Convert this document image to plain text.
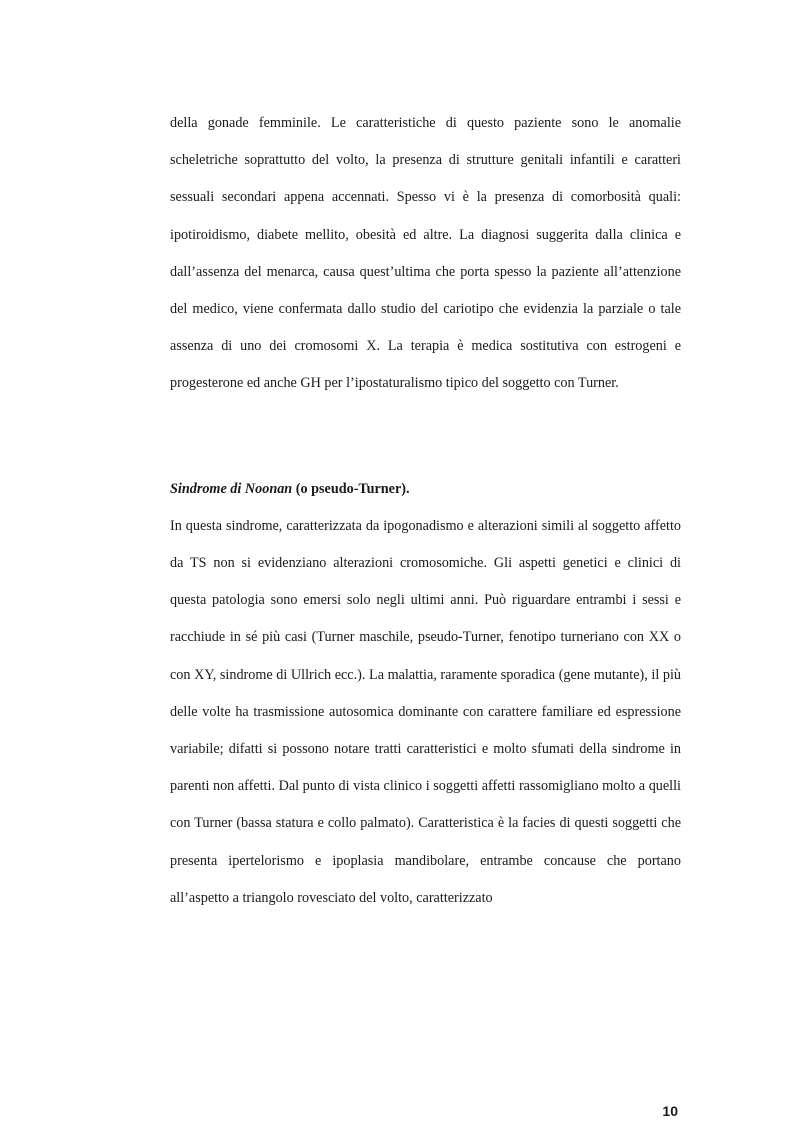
della gonade femminile. Le caratteristiche di questo paziente sono le anomalie scheletriche soprattutto del volto, la presenza di strutture genitali infantili e caratteri sessuali secondari appena accennati. Spesso vi è la presenza di comorbosità quali: ipotiroidismo, diabete mellito, obesità ed altre. La diagnosi suggerita dalla clinica e dall’assenza del menarca, causa quest’ultima che porta spesso la paziente all’attenzione del medico, viene confermata dallo studio del cariotipo che evidenzia la parziale o tale assenza di uno dei cromosomi X. La terapia è medica sostitutiva con estrogeni e progesterone ed anche GH per l’ipostaturalismo tipico del soggetto con Turner.

Sindrome di Noonan (o pseudo-Turner).

In questa sindrome, caratterizzata da ipogonadismo e alterazioni simili al soggetto affetto da TS non si evidenziano alterazioni cromosomiche. Gli aspetti genetici e clinici di questa patologia sono emersi solo negli ultimi anni. Può riguardare entrambi i sessi e racchiude in sé più casi (Turner maschile, pseudo-Turner, fenotipo turneriano con XX o con XY, sindrome di Ullrich ecc.). La malattia, raramente sporadica (gene mutante), il più delle volte ha trasmissione autosomica dominante con carattere familiare ed espressione variabile; difatti si possono notare tratti caratteristici e molto sfumati della sindrome in parenti non affetti. Dal punto di vista clinico i soggetti affetti rassomigliano molto a quelli con Turner (bassa statura e collo palmato). Caratteristica è la facies di questi soggetti che presenta ipertelorismo e ipoplasia mandibolare, entrambe concause che portano all’aspetto a triangolo rovesciato del volto, caratterizzato

10
